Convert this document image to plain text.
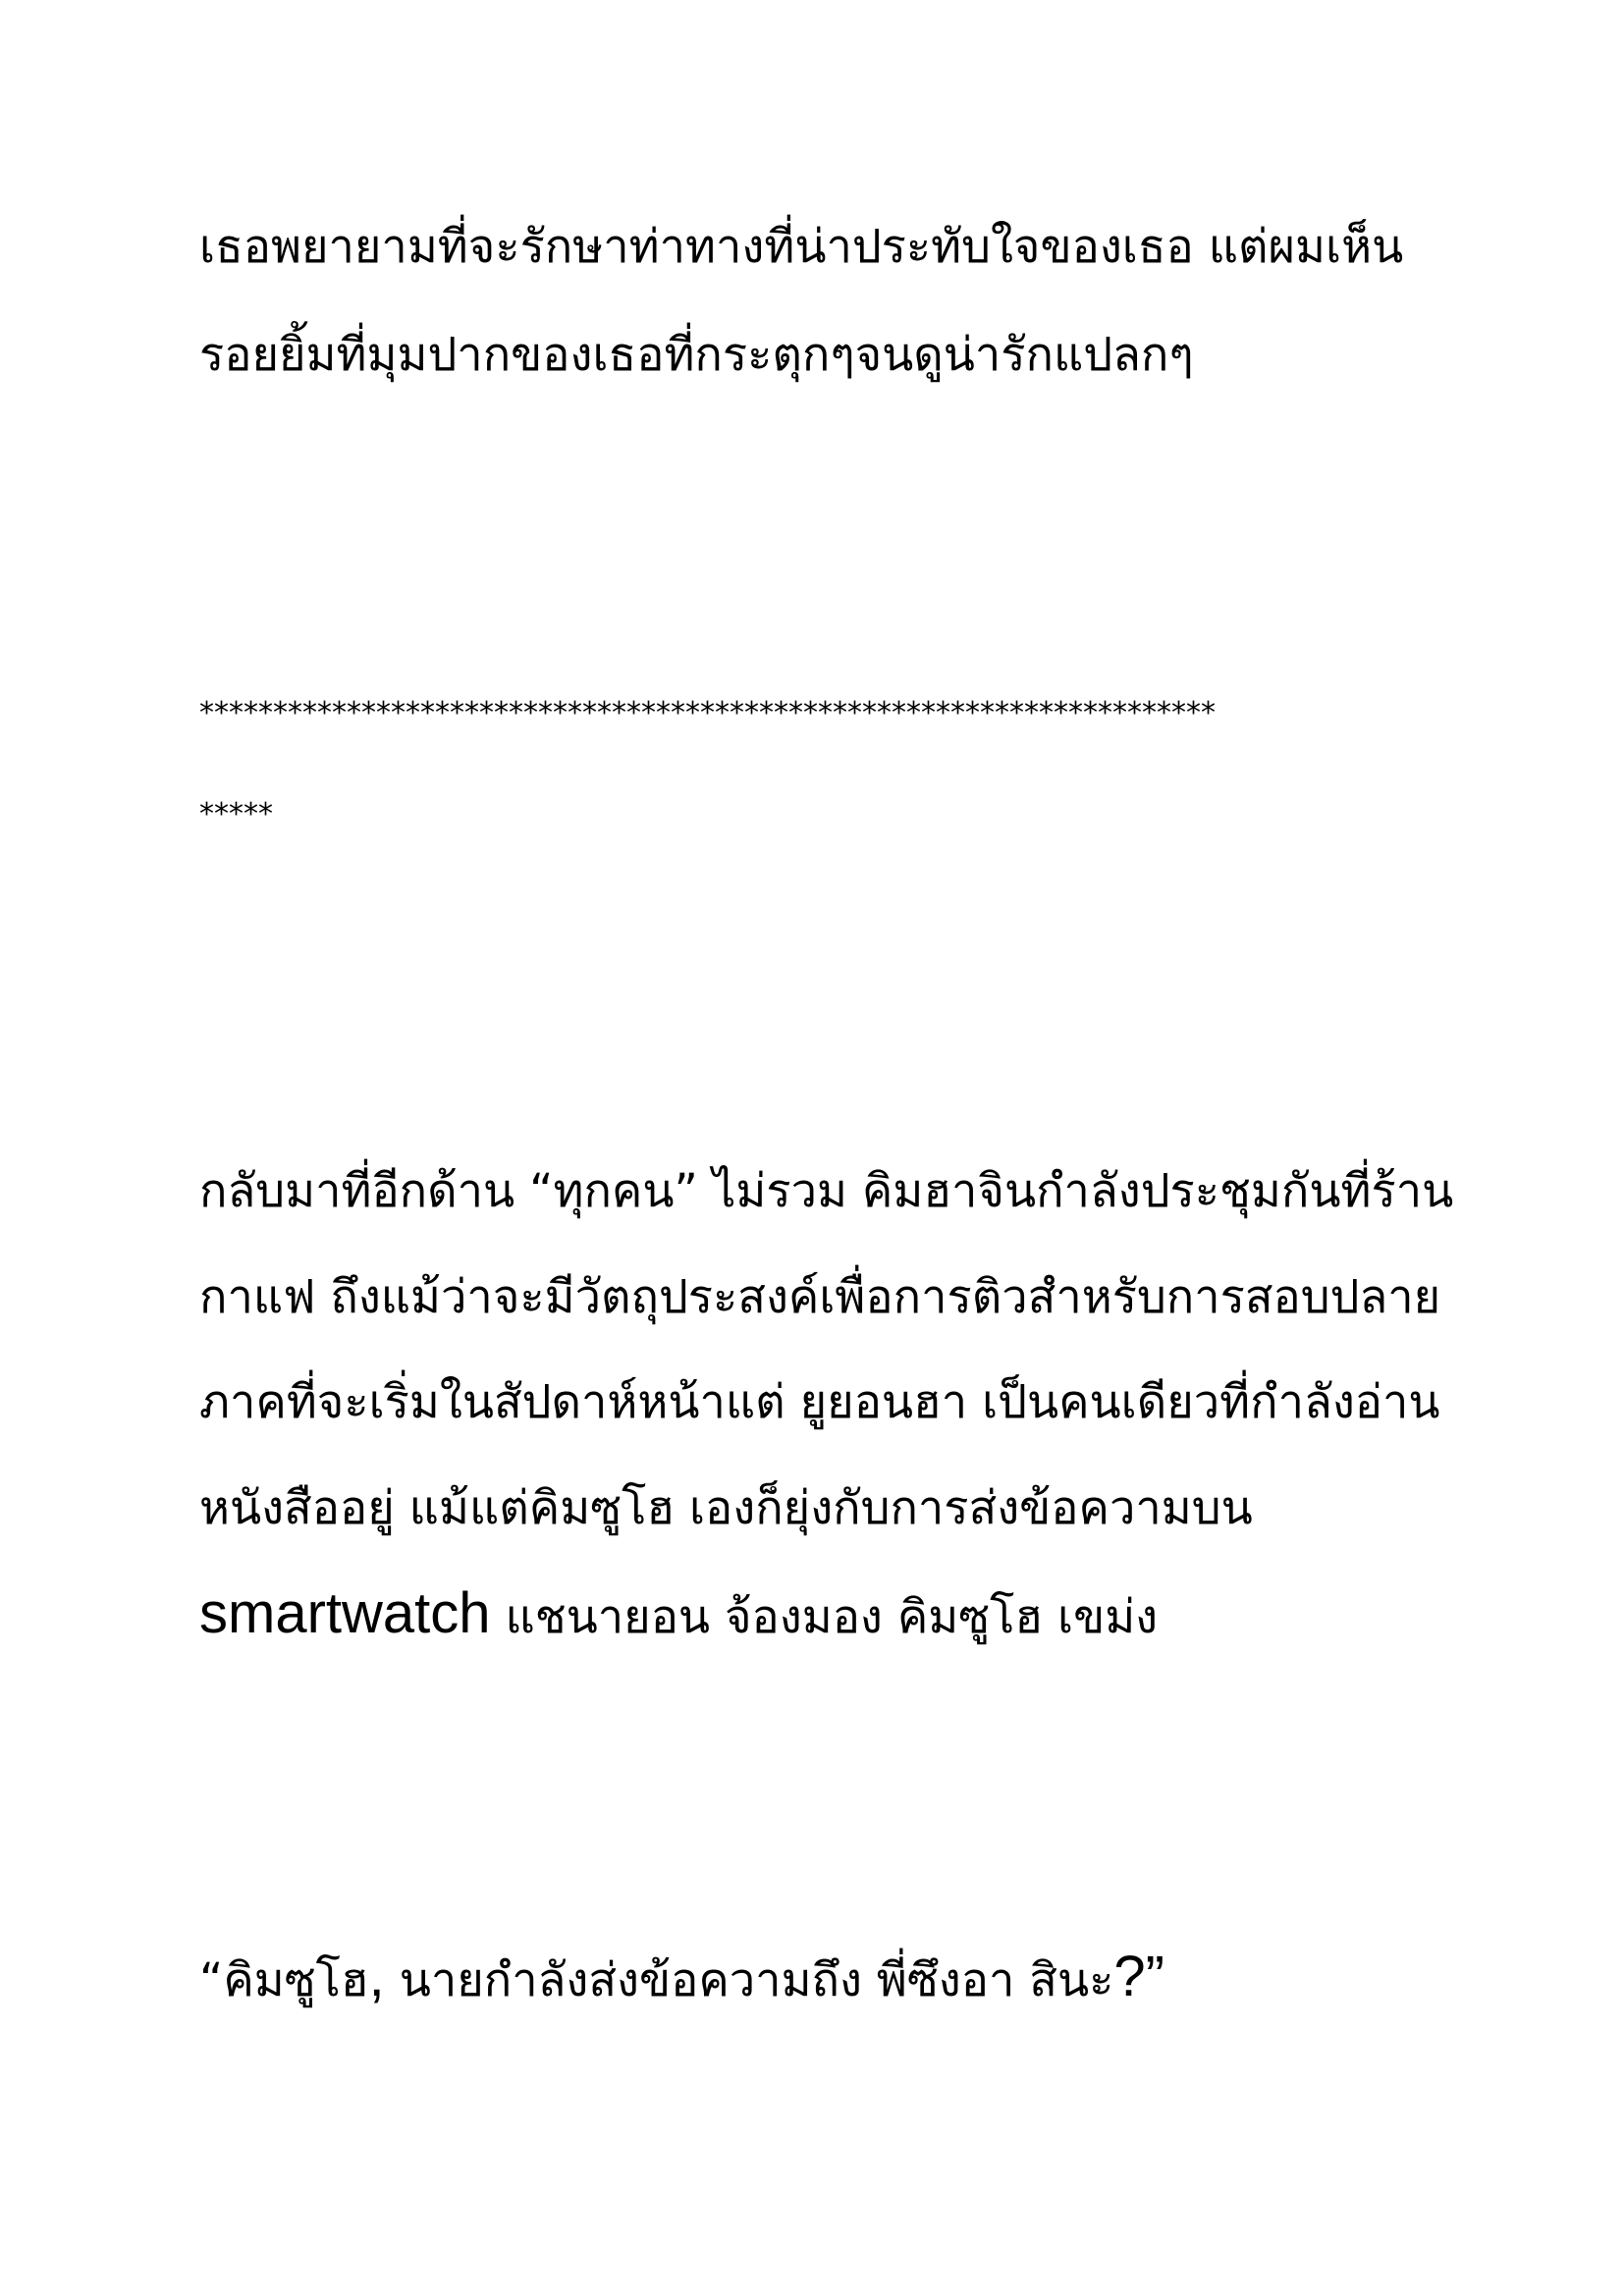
เธอพยายามที่จะรักษาท่าทางที่น่าประทับใจของเธอ แต่ผมเห็น

รอยยิ้มที่มุมปากของเธอที่กระตุกๆจนดูน่ารักแปลกๆ

*********************************************************************

*****

กลับมาที่อีกด้าน “ทุกคน” ไม่รวม คิมฮาจินกำลังประชุมกันที่ร้าน

กาแฟ ถึงแม้ว่าจะมีวัตถุประสงค์เพื่อการติวสำหรับการสอบปลาย

ภาคที่จะเริ่มในสัปดาห์หน้าแต่ ยูยอนฮา เป็นคนเดียวที่กำลังอ่าน

หนังสืออยู่ แม้แต่คิมซูโฮ เองก็ยุ่งกับการส่งข้อความบน

smartwatch แชนายอน จ้องมอง คิมซูโฮ เขม่ง

“คิมซูโฮ, นายกำลังส่งข้อความถึง พี่ซึงอา สินะ?”
